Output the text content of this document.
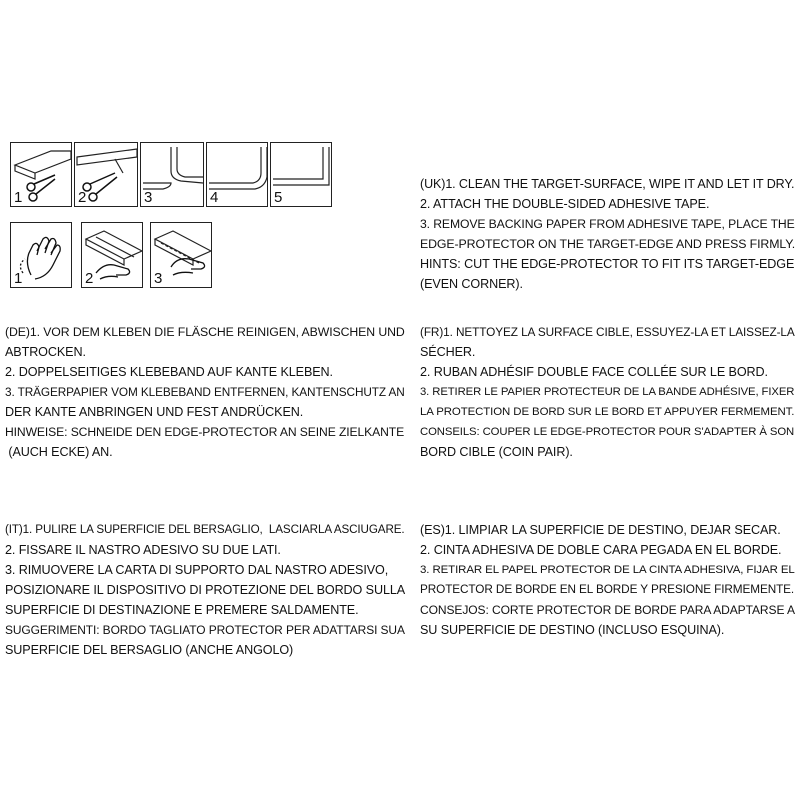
1	2	3	4	5
1	2	3
(UK)1. CLEAN THE TARGET-SURFACE, WIPE IT AND LET IT DRY.
2. ATTACH THE DOUBLE-SIDED ADHESIVE TAPE.
3. REMOVE BACKING PAPER FROM ADHESIVE TAPE, PLACE THE
EDGE-PROTECTOR ON THE TARGET-EDGE AND PRESS FIRMLY.
HINTS: CUT THE EDGE-PROTECTOR TO FIT ITS TARGET-EDGE
(EVEN CORNER).
(DE)1. VOR DEM KLEBEN DIE FLÄSCHE REINIGEN, ABWISCHEN UND
ABTROCKEN.
2. DOPPELSEITIGES KLEBEBAND AUF KANTE KLEBEN.
3. TRÄGERPAPIER VOM KLEBEBAND ENTFERNEN, KANTENSCHUTZ AN
DER KANTE ANBRINGEN UND FEST ANDRÜCKEN.
HINWEISE: SCHNEIDE DEN EDGE-PROTECTOR AN SEINE ZIELKANTE
(AUCH ECKE) AN.
(FR)1. NETTOYEZ LA SURFACE CIBLE, ESSUYEZ-LA ET LAISSEZ-LA
SÉCHER.
2. RUBAN ADHÉSIF DOUBLE FACE COLLÉE SUR LE BORD.
3. RETIRER LE PAPIER PROTECTEUR DE LA BANDE ADHÉSIVE, FIXER
LA PROTECTION DE BORD SUR LE BORD ET APPUYER FERMEMENT.
CONSEILS: COUPER LE EDGE-PROTECTOR POUR S'ADAPTER À SON
BORD CIBLE (COIN PAIR).
(IT)1. PULIRE LA SUPERFICIE DEL BERSAGLIO,  LASCIARLA ASCIUGARE.
2. FISSARE IL NASTRO ADESIVO SU DUE LATI.
3. RIMUOVERE LA CARTA DI SUPPORTO DAL NASTRO ADESIVO,
POSIZIONARE IL DISPOSITIVO DI PROTEZIONE DEL BORDO SULLA
SUPERFICIE DI DESTINAZIONE E PREMERE SALDAMENTE.
SUGGERIMENTI: BORDO TAGLIATO PROTECTOR PER ADATTARSI SUA
SUPERFICIE DEL BERSAGLIO (ANCHE ANGOLO)
(ES)1. LIMPIAR LA SUPERFICIE DE DESTINO, DEJAR SECAR.
2. CINTA ADHESIVA DE DOBLE CARA PEGADA EN EL BORDE.
3. RETIRAR EL PAPEL PROTECTOR DE LA CINTA ADHESIVA, FIJAR EL
PROTECTOR DE BORDE EN EL BORDE Y PRESIONE FIRMEMENTE.
CONSEJOS: CORTE PROTECTOR DE BORDE PARA ADAPTARSE A
SU SUPERFICIE DE DESTINO (INCLUSO ESQUINA).
